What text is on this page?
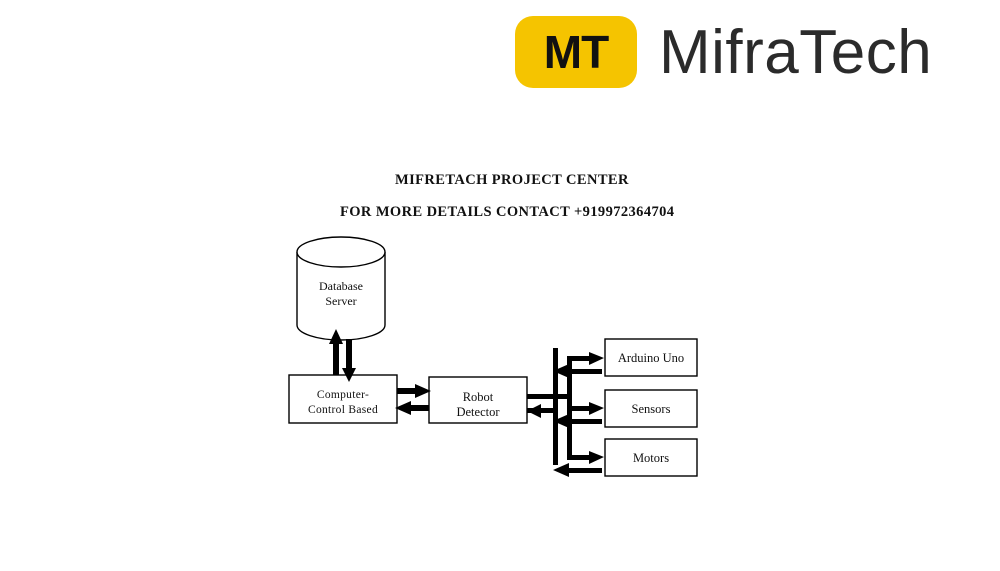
MT MifraTech
MIFRETACH PROJECT CENTER
FOR MORE DETAILS CONTACT +919972364704
Database
Server
Computer-
Control Based
Robot
Detector
Arduino Uno
Sensors
Motors
